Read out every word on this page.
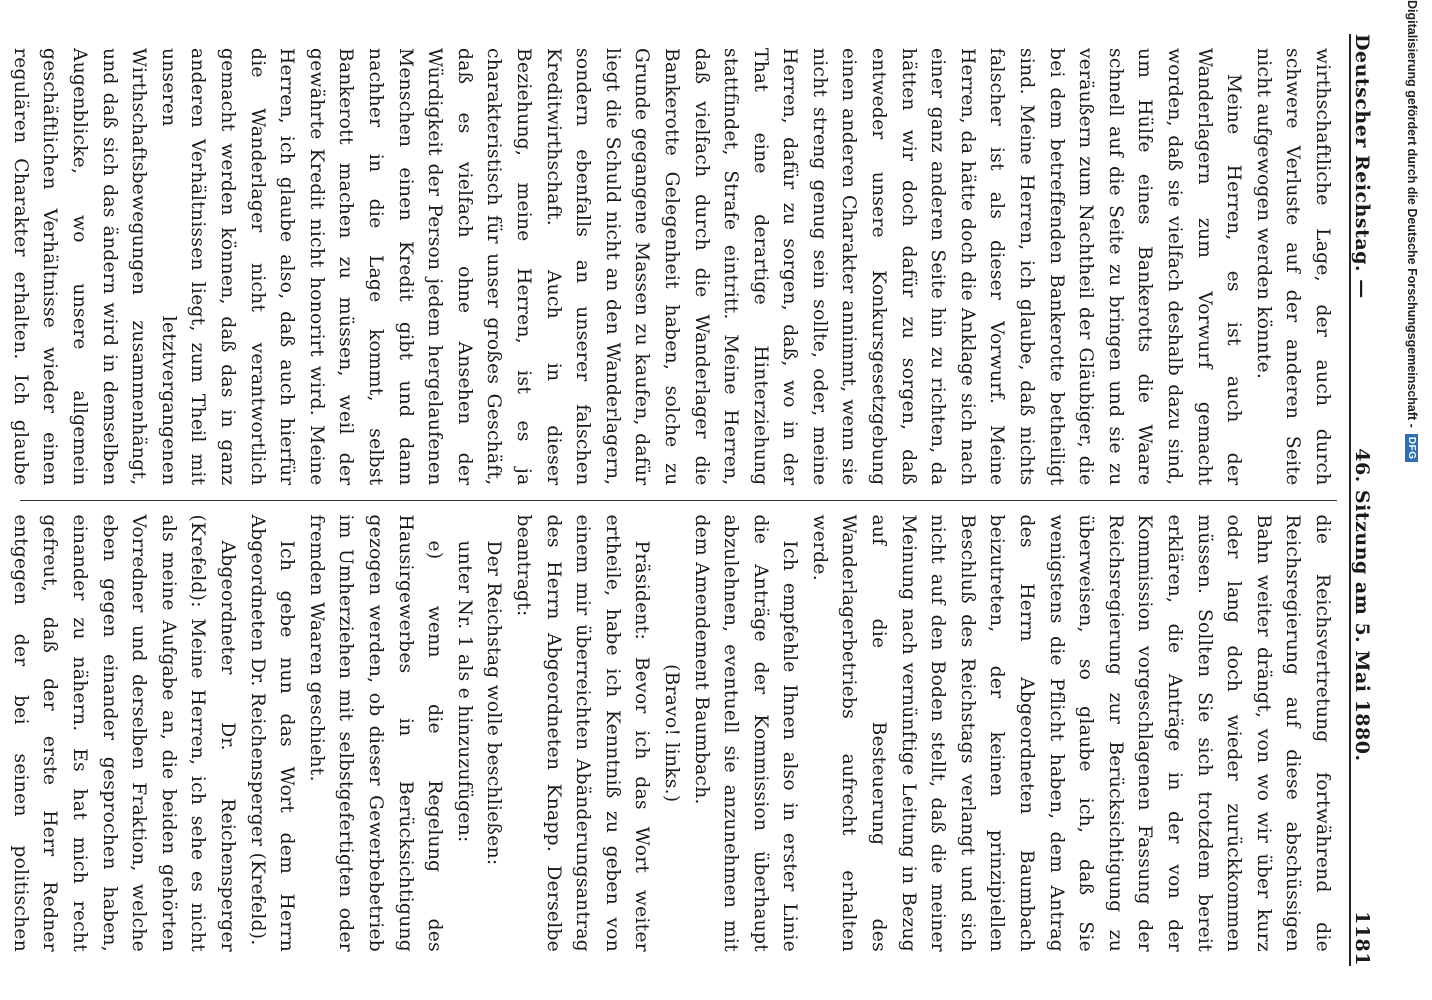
Deutscher Reichstag. —
46. Sitzung am 5. Mai 1880.
1181

wirthschaftliche Lage, der auch durch schwere Verluste auf der anderen Seite nicht aufgewogen werden könnte.

Meine Herren, es ist auch der Wanderlagern zum Vorwurf gemacht worden, daß sie vielfach deshalb dazu sind, um Hülfe eines Bankerotts die Waare schnell auf die Seite zu bringen und sie zu veräußern zum Nachtheil der Gläubiger, die bei dem betreffenden Bankerotte betheiligt sind. Meine Herren, ich glaube, daß nichts falscher ist als dieser Vorwurf. Meine Herren, da hätte doch die Anklage sich nach einer ganz anderen Seite hin zu richten, da hätten wir doch dafür zu sorgen, daß entweder unsere Konkursgesetzgebung einen anderen Charakter annimmt, wenn sie nicht streng genug sein sollte, oder, meine Herren, dafür zu sorgen, daß, wo in der That eine derartige Hinterziehung stattfindet, Strafe eintritt. Meine Herren, daß vielfach durch die Wanderlager die Bankerotte Gelegenheit haben, solche zu Grunde gegangene Massen zu kaufen, dafür liegt die Schuld nicht an den Wanderlagern, sondern ebenfalls an unserer falschen Kreditwirthschaft. Auch in dieser Beziehung, meine Herren, ist es ja charakteristisch für unser großes Geschäft, daß es vielfach ohne Ansehen der Würdigkeit der Person jedem hergelaufenen Menschen einen Kredit gibt und dann nachher in die Lage kommt, selbst Bankerott machen zu müssen, weil der gewährte Kredit nicht honorirt wird. Meine Herren, ich glaube also, daß auch hierfür die Wanderlager nicht verantwortlich gemacht werden können, daß das in ganz anderen Verhältnissen liegt, zum Theil mit unseren letztvergangenen Wirthschaftsbewegungen zusammenhängt, und daß sich das ändern wird in demselben Augenblicke, wo unsere allgemein geschäftlichen Verhältnisse wieder einen regulären Charakter erhalten. Ich glaube

die Reichsvertretung fortwährend die Reichsregierung auf diese abschüssigen Bahn weiter drängt, von wo wir über kurz oder lang doch wieder zurückkommen müssen. Sollten Sie sich trotzdem bereit erklären, die Anträge in der von der Kommission vorgeschlagenen Fassung der Reichsregierung zur Berücksichtigung zu überweisen, so glaube ich, daß Sie wenigstens die Pflicht haben, dem Antrag des Herrn Abgeordneten Baumbach beizutreten, der keinen prinzipiellen Beschluß des Reichstags verlangt und sich nicht auf den Boden stellt, daß die meiner Meinung nach vernünftige Leitung in Bezug auf die Besteuerung des Wanderlagerbetriebs aufrecht erhalten werde.

Ich empfehle Ihnen also in erster Linie die Anträge der Kommission überhaupt abzulehnen, eventuell sie anzunehmen mit dem Amendement Baumbach.

(Bravo! links.)

Präsident: Bevor ich das Wort weiter ertheile, habe ich Kenntniß zu geben von einem mir überreichten Abänderungsantrag des Herrn Abgeordneten Knapp. Derselbe beantragt:

Der Reichstag wolle beschließen:

unter Nr. 1 als e hinzuzufügen:

e) wenn die Regelung des Hausirgewerbes in Berücksichtigung gezogen werden, ob dieser Gewerbebetrieb im Umherziehen mit selbstgefertigten oder fremden Waaren geschieht.

Ich gebe nun das Wort dem Herrn Abgeordneten Dr. Reichensperger (Krefeld).

Abgeordneter Dr. Reichensperger (Krefeld): Meine Herren, ich sehe es nicht als meine Aufgabe an, die beiden gehörten Vorredner und derselben Fraktion, welche eben gegen einander gesprochen haben, einander zu nähern. Es hat mich recht gefreut, daß der erste Herr Redner entgegen der bei seinen politischen

Digitalisierung gefördert durch die Deutsche Forschungsgemeinschaft -
DFG
